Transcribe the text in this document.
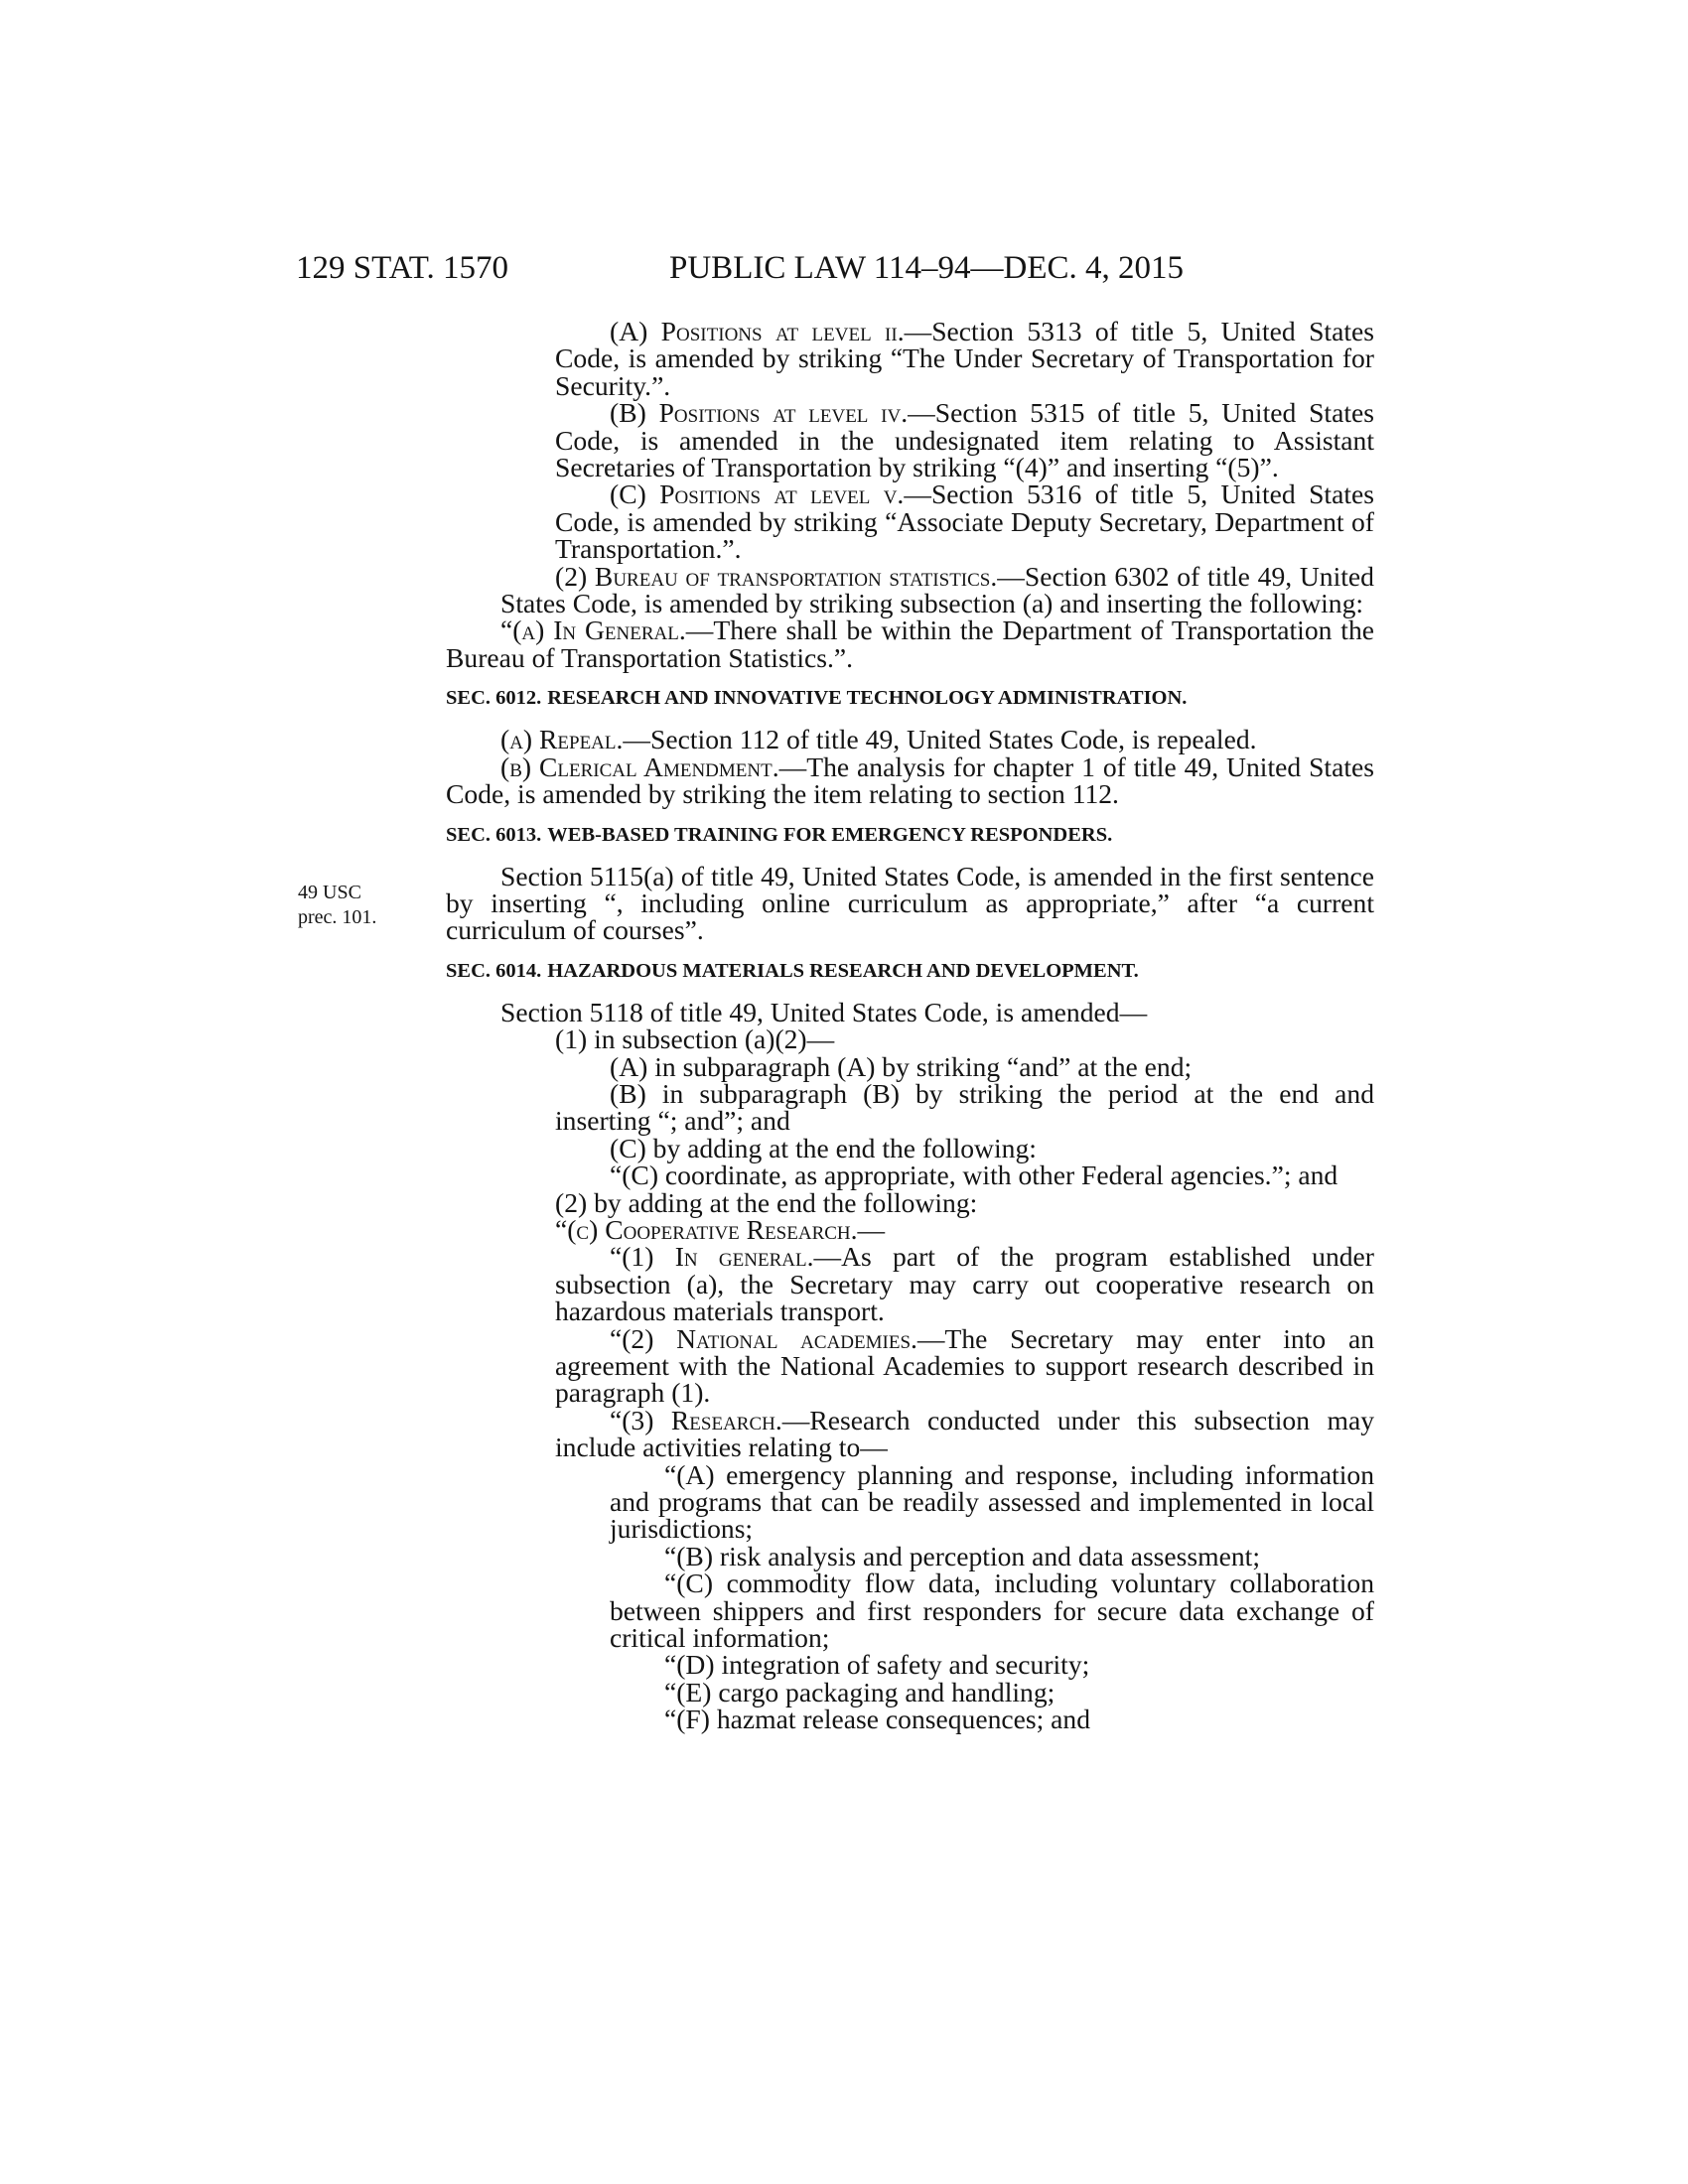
129 STAT. 1570	PUBLIC LAW 114–94—DEC. 4, 2015
49 USC
prec. 101.

(A) Positions at level ii.—Section 5313 of title 5, United States Code, is amended by striking “The Under Secretary of Transportation for Security.”.

(B) Positions at level iv.—Section 5315 of title 5, United States Code, is amended in the undesignated item relating to Assistant Secretaries of Transportation by striking “(4)” and inserting “(5)”.

(C) Positions at level v.—Section 5316 of title 5, United States Code, is amended by striking “Associate Deputy Secretary, Department of Transportation.”.

(2) Bureau of transportation statistics.—Section 6302 of title 49, United States Code, is amended by striking subsection (a) and inserting the following:

“(a) In General.—There shall be within the Department of Transportation the Bureau of Transportation Statistics.”.

SEC. 6012. RESEARCH AND INNOVATIVE TECHNOLOGY ADMINISTRATION.

(a) Repeal.—Section 112 of title 49, United States Code, is repealed.

(b) Clerical Amendment.—The analysis for chapter 1 of title 49, United States Code, is amended by striking the item relating to section 112.

SEC. 6013. WEB-BASED TRAINING FOR EMERGENCY RESPONDERS.

Section 5115(a) of title 49, United States Code, is amended in the first sentence by inserting “, including online curriculum as appropriate,” after “a current curriculum of courses”.

SEC. 6014. HAZARDOUS MATERIALS RESEARCH AND DEVELOPMENT.

Section 5118 of title 49, United States Code, is amended—

(1) in subsection (a)(2)—

(A) in subparagraph (A) by striking “and” at the end;

(B) in subparagraph (B) by striking the period at the end and inserting “; and”; and

(C) by adding at the end the following:

“(C) coordinate, as appropriate, with other Federal agencies.”; and

(2) by adding at the end the following:

“(c) Cooperative Research.—

“(1) In general.—As part of the program established under subsection (a), the Secretary may carry out cooperative research on hazardous materials transport.

“(2) National academies.—The Secretary may enter into an agreement with the National Academies to support research described in paragraph (1).

“(3) Research.—Research conducted under this subsection may include activities relating to—

“(A) emergency planning and response, including information and programs that can be readily assessed and implemented in local jurisdictions;

“(B) risk analysis and perception and data assessment;

“(C) commodity flow data, including voluntary collaboration between shippers and first responders for secure data exchange of critical information;

“(D) integration of safety and security;

“(E) cargo packaging and handling;

“(F) hazmat release consequences; and
